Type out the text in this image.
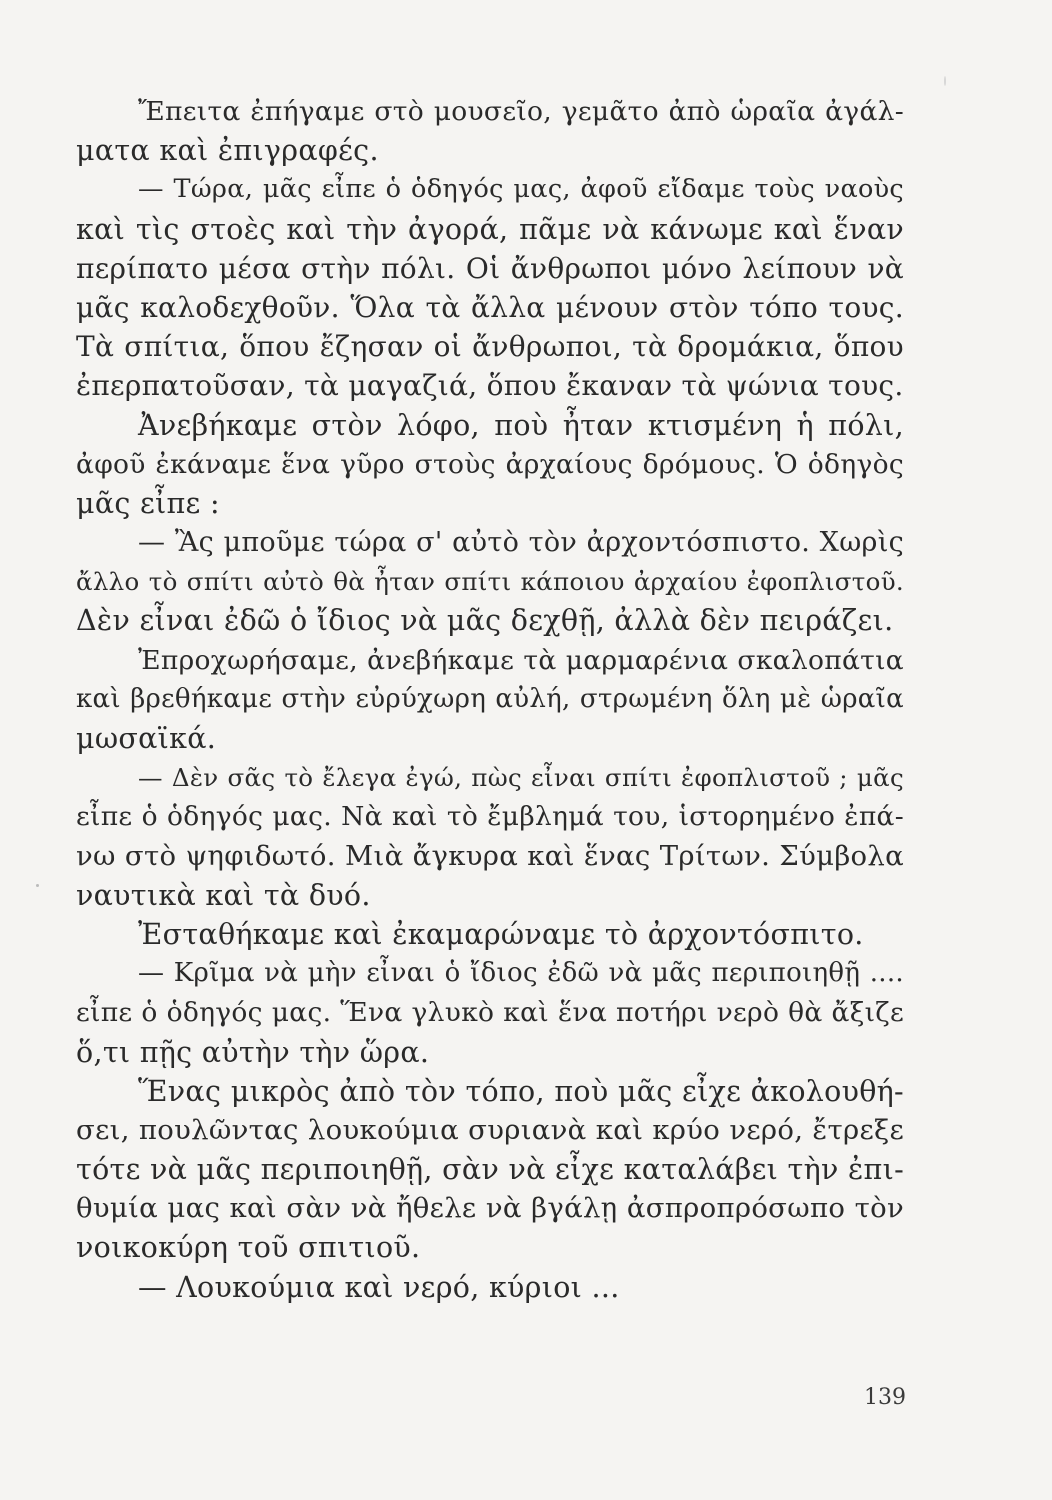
Ἔπειτα ἐπήγαμε στὸ μουσεῖο, γεμᾶτο ἀπὸ ὡραῖα ἀγάλ-
ματα καὶ ἐπιγραφές.
— Τώρα, μᾶς εἶπε ὁ ὁδηγός μας, ἀφοῦ εἴδαμε τοὺς ναοὺς
καὶ τὶς στοὲς καὶ τὴν ἀγορά, πᾶμε νὰ κάνωμε καὶ ἕναν
περίπατο μέσα στὴν πόλι. Οἱ ἄνθρωποι μόνο λείπουν νὰ
μᾶς καλοδεχθοῦν. Ὅλα τὰ ἄλλα μένουν στὸν τόπο τους.
Τὰ σπίτια, ὅπου ἔζησαν οἱ ἄνθρωποι, τὰ δρομάκια, ὅπου
ἐπερπατοῦσαν, τὰ μαγαζιά, ὅπου ἔκαναν τὰ ψώνια τους.
Ἀνεβήκαμε στὸν λόφο, ποὺ ἦταν κτισμένη ἡ πόλι,
ἀφοῦ ἐκάναμε ἕνα γῦρο στοὺς ἀρχαίους δρόμους. Ὁ ὁδηγὸς
μᾶς εἶπε :
— Ἂς μποῦμε τώρα σ' αὐτὸ τὸν ἀρχοντόσπιστο. Χωρὶς
ἄλλο τὸ σπίτι αὐτὸ θὰ ἦταν σπίτι κάποιου ἀρχαίου ἐφοπλιστοῦ.
Δὲν εἶναι ἐδῶ ὁ ἴδιος νὰ μᾶς δεχθῇ, ἀλλὰ δὲν πειράζει.
Ἐπροχωρήσαμε, ἀνεβήκαμε τὰ μαρμαρένια σκαλοπάτια
καὶ βρεθήκαμε στὴν εὐρύχωρη αὐλή, στρωμένη ὅλη μὲ ὡραῖα
μωσαϊκά.
— Δὲν σᾶς τὸ ἔλεγα ἐγώ, πὼς εἶναι σπίτι ἐφοπλιστοῦ ; μᾶς
εἶπε ὁ ὁδηγός μας. Νὰ καὶ τὸ ἔμβλημά του, ἱστορημένο ἐπά-
νω στὸ ψηφιδωτό. Μιὰ ἄγκυρα καὶ ἕνας Τρίτων. Σύμβολα
ναυτικὰ καὶ τὰ δυό.
Ἐσταθήκαμε καὶ ἐκαμαρώναμε τὸ ἀρχοντόσπιτο.
— Κρῖμα νὰ μὴν εἶναι ὁ ἴδιος ἐδῶ νὰ μᾶς περιποιηθῇ ....
εἶπε ὁ ὁδηγός μας. Ἕνα γλυκὸ καὶ ἕνα ποτήρι νερὸ θὰ ἄξιζε
ὅ,τι πῇς αὐτὴν τὴν ὥρα.
Ἕνας μικρὸς ἀπὸ τὸν τόπο, ποὺ μᾶς εἶχε ἀκολουθή-
σει, πουλῶντας λουκούμια συριανὰ καὶ κρύο νερό, ἔτρεξε
τότε νὰ μᾶς περιποιηθῇ, σὰν νὰ εἶχε καταλάβει τὴν ἐπι-
θυμία μας καὶ σὰν νὰ ἤθελε νὰ βγάλῃ ἀσπροπρόσωπο τὸν
νοικοκύρη τοῦ σπιτιοῦ.
— Λουκούμια καὶ νερό, κύριοι ...
139
